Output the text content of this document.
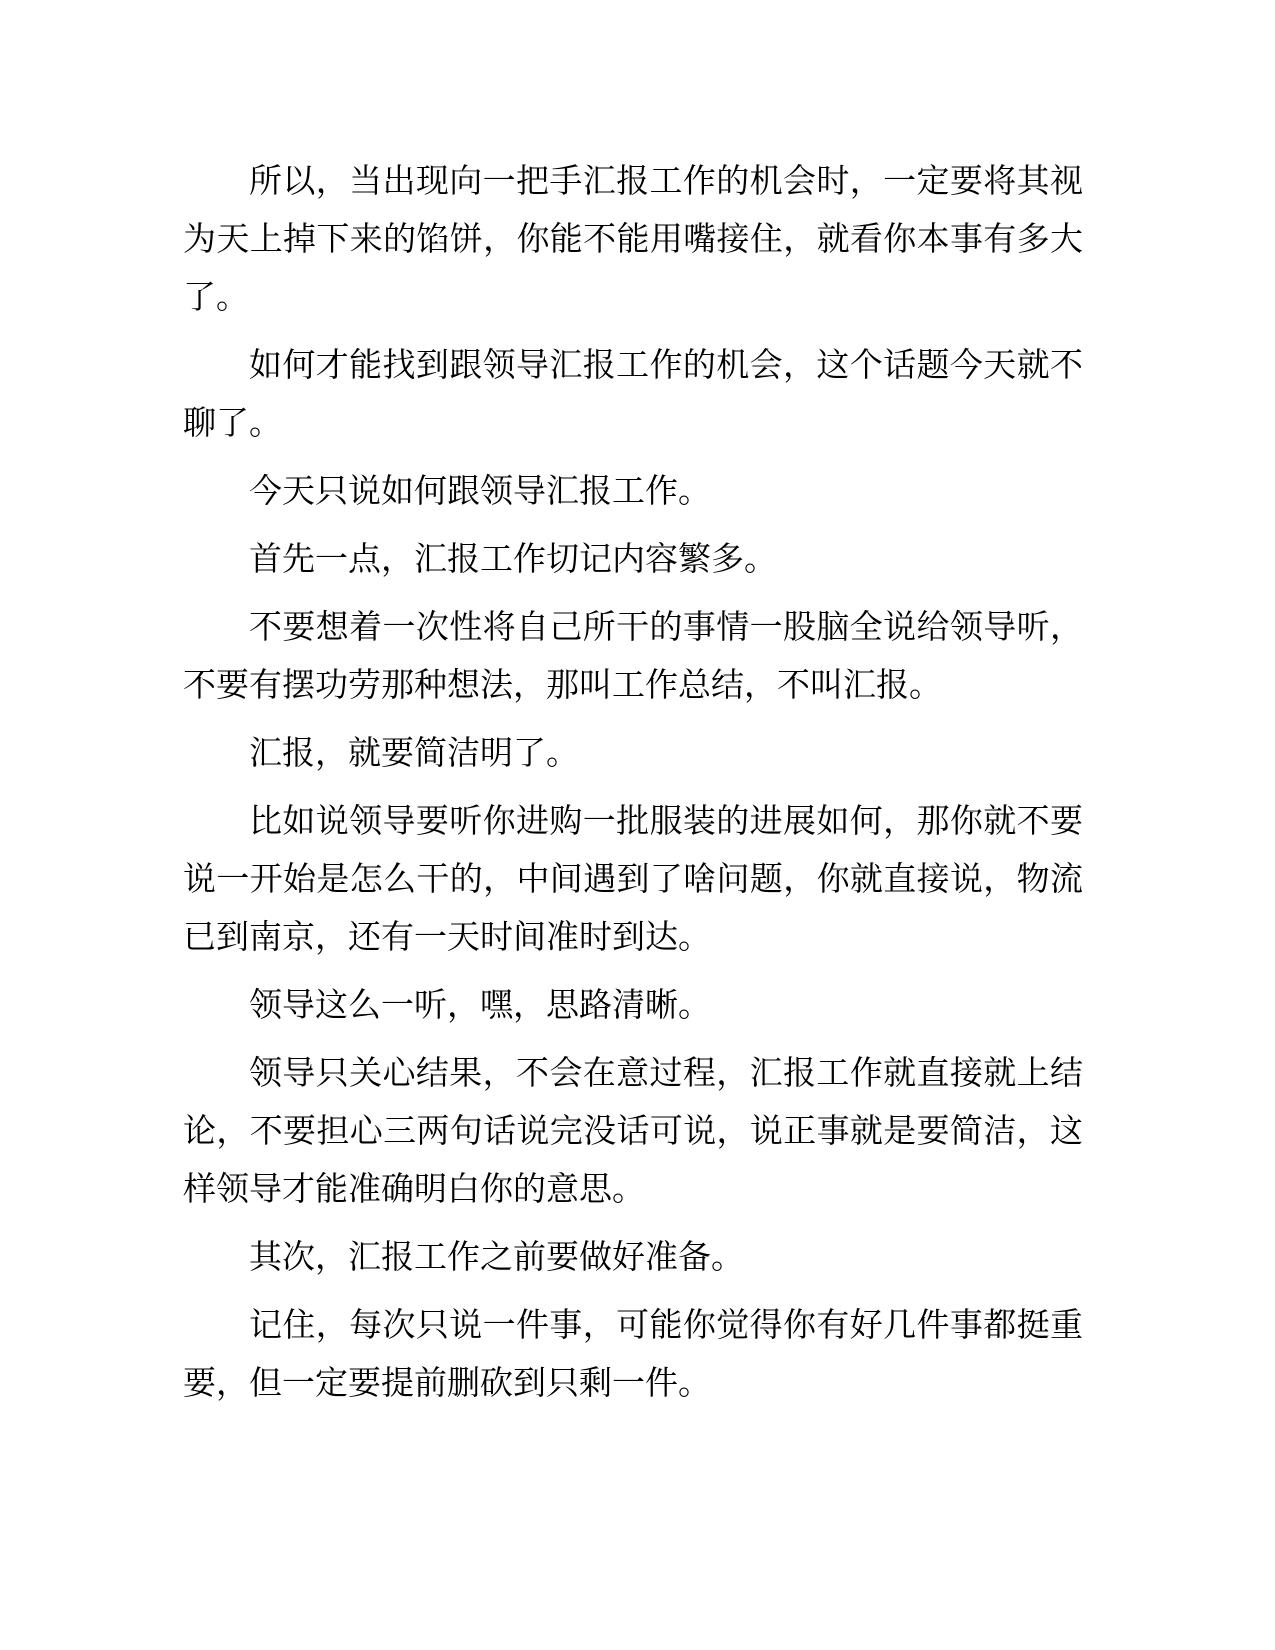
所以，当出现向一把手汇报工作的机会时，一定要将其视为天上掉下来的馅饼，你能不能用嘴接住，就看你本事有多大了。

如何才能找到跟领导汇报工作的机会，这个话题今天就不聊了。

今天只说如何跟领导汇报工作。

首先一点，汇报工作切记内容繁多。

不要想着一次性将自己所干的事情一股脑全说给领导听，不要有摆功劳那种想法，那叫工作总结，不叫汇报。

汇报，就要简洁明了。

比如说领导要听你进购一批服装的进展如何，那你就不要说一开始是怎么干的，中间遇到了啥问题，你就直接说，物流已到南京，还有一天时间准时到达。

领导这么一听，嘿，思路清晰。

领导只关心结果，不会在意过程，汇报工作就直接就上结论，不要担心三两句话说完没话可说，说正事就是要简洁，这样领导才能准确明白你的意思。

其次，汇报工作之前要做好准备。

记住，每次只说一件事，可能你觉得你有好几件事都挺重要，但一定要提前删砍到只剩一件。
